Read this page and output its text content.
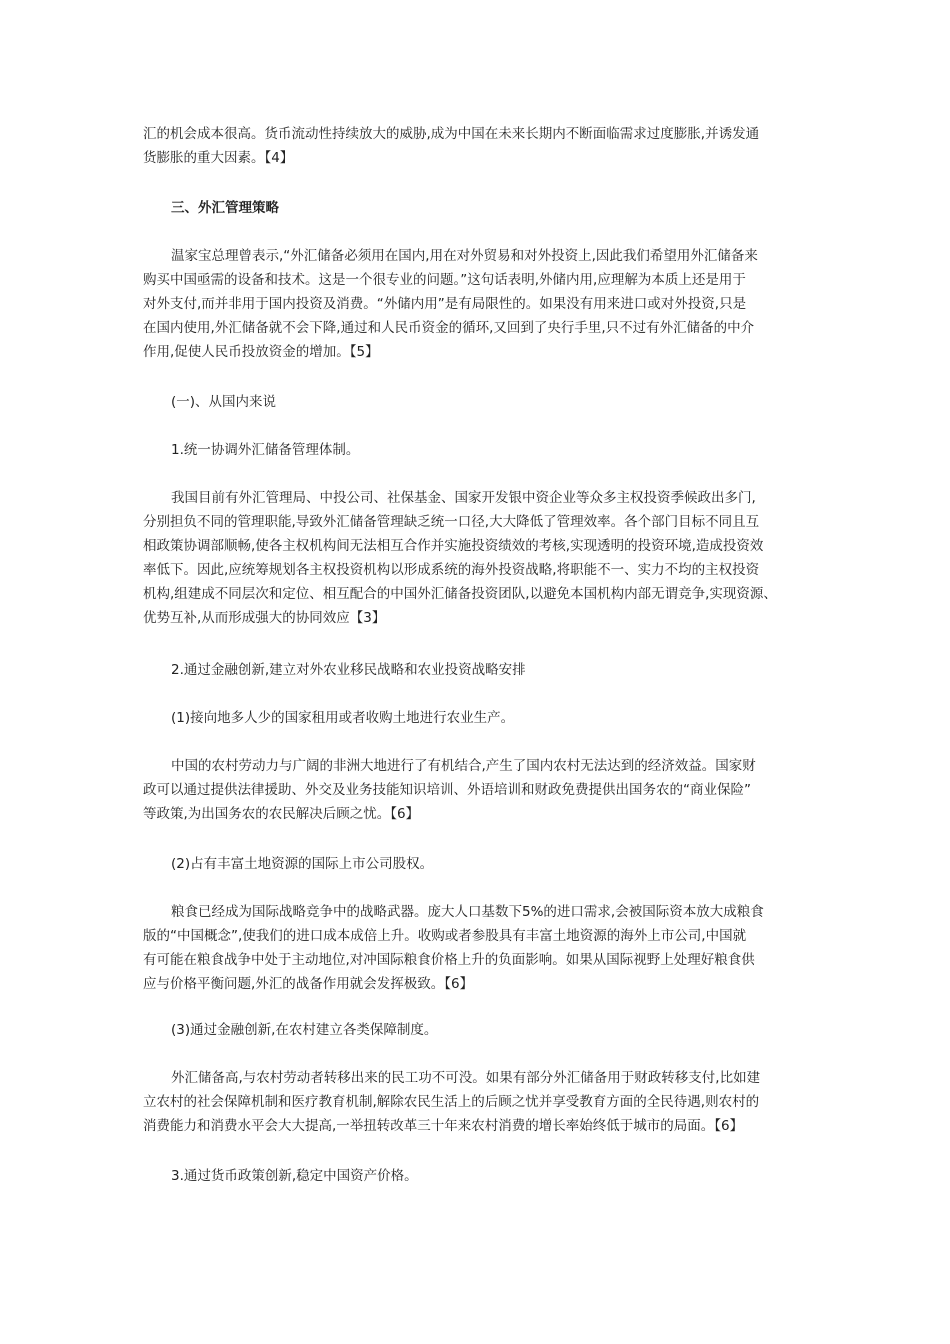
汇的机会成本很高。货币流动性持续放大的威胁,成为中国在未来长期内不断面临需求过度膨胀,并诱发通
货膨胀的重大因素。【4】
三、外汇管理策略
温家宝总理曾表示,“外汇储备必须用在国内,用在对外贸易和对外投资上,因此我们希望用外汇储备来
购买中国亟需的设备和技术。这是一个很专业的问题。”这句话表明,外储内用,应理解为本质上还是用于
对外支付,而并非用于国内投资及消费。“外储内用”是有局限性的。如果没有用来进口或对外投资,只是
在国内使用,外汇储备就不会下降,通过和人民币资金的循环,又回到了央行手里,只不过有外汇储备的中介
作用,促使人民币投放资金的增加。【5】
(一)、从国内来说
1.统一协调外汇储备管理体制。
我国目前有外汇管理局、中投公司、社保基金、国家开发银中资企业等众多主权投资季候政出多门,
分别担负不同的管理职能,导致外汇储备管理缺乏统一口径,大大降低了管理效率。各个部门目标不同且互
相政策协调部顺畅,使各主权机构间无法相互合作并实施投资绩效的考核,实现透明的投资环境,造成投资效
率低下。因此,应统筹规划各主权投资机构以形成系统的海外投资战略,将职能不一、实力不均的主权投资
机构,组建成不同层次和定位、相互配合的中国外汇储备投资团队,以避免本国机构内部无谓竞争,实现资源、
优势互补,从而形成强大的协同效应【3】
2.通过金融创新,建立对外农业移民战略和农业投资战略安排
(1)接向地多人少的国家租用或者收购土地进行农业生产。
中国的农村劳动力与广阔的非洲大地进行了有机结合,产生了国内农村无法达到的经济效益。国家财
政可以通过提供法律援助、外交及业务技能知识培训、外语培训和财政免费提供出国务农的“商业保险”
等政策,为出国务农的农民解决后顾之忧。【6】
(2)占有丰富土地资源的国际上市公司股权。
粮食已经成为国际战略竞争中的战略武器。庞大人口基数下5%的进口需求,会被国际资本放大成粮食
版的“中国概念”,使我们的进口成本成倍上升。收购或者参股具有丰富土地资源的海外上市公司,中国就
有可能在粮食战争中处于主动地位,对冲国际粮食价格上升的负面影响。如果从国际视野上处理好粮食供
应与价格平衡问题,外汇的战备作用就会发挥极致。【6】
(3)通过金融创新,在农村建立各类保障制度。
外汇储备高,与农村劳动者转移出来的民工功不可没。如果有部分外汇储备用于财政转移支付,比如建
立农村的社会保障机制和医疗教育机制,解除农民生活上的后顾之忧并享受教育方面的全民待遇,则农村的
消费能力和消费水平会大大提高,一举扭转改革三十年来农村消费的增长率始终低于城市的局面。【6】
3.通过货币政策创新,稳定中国资产价格。
